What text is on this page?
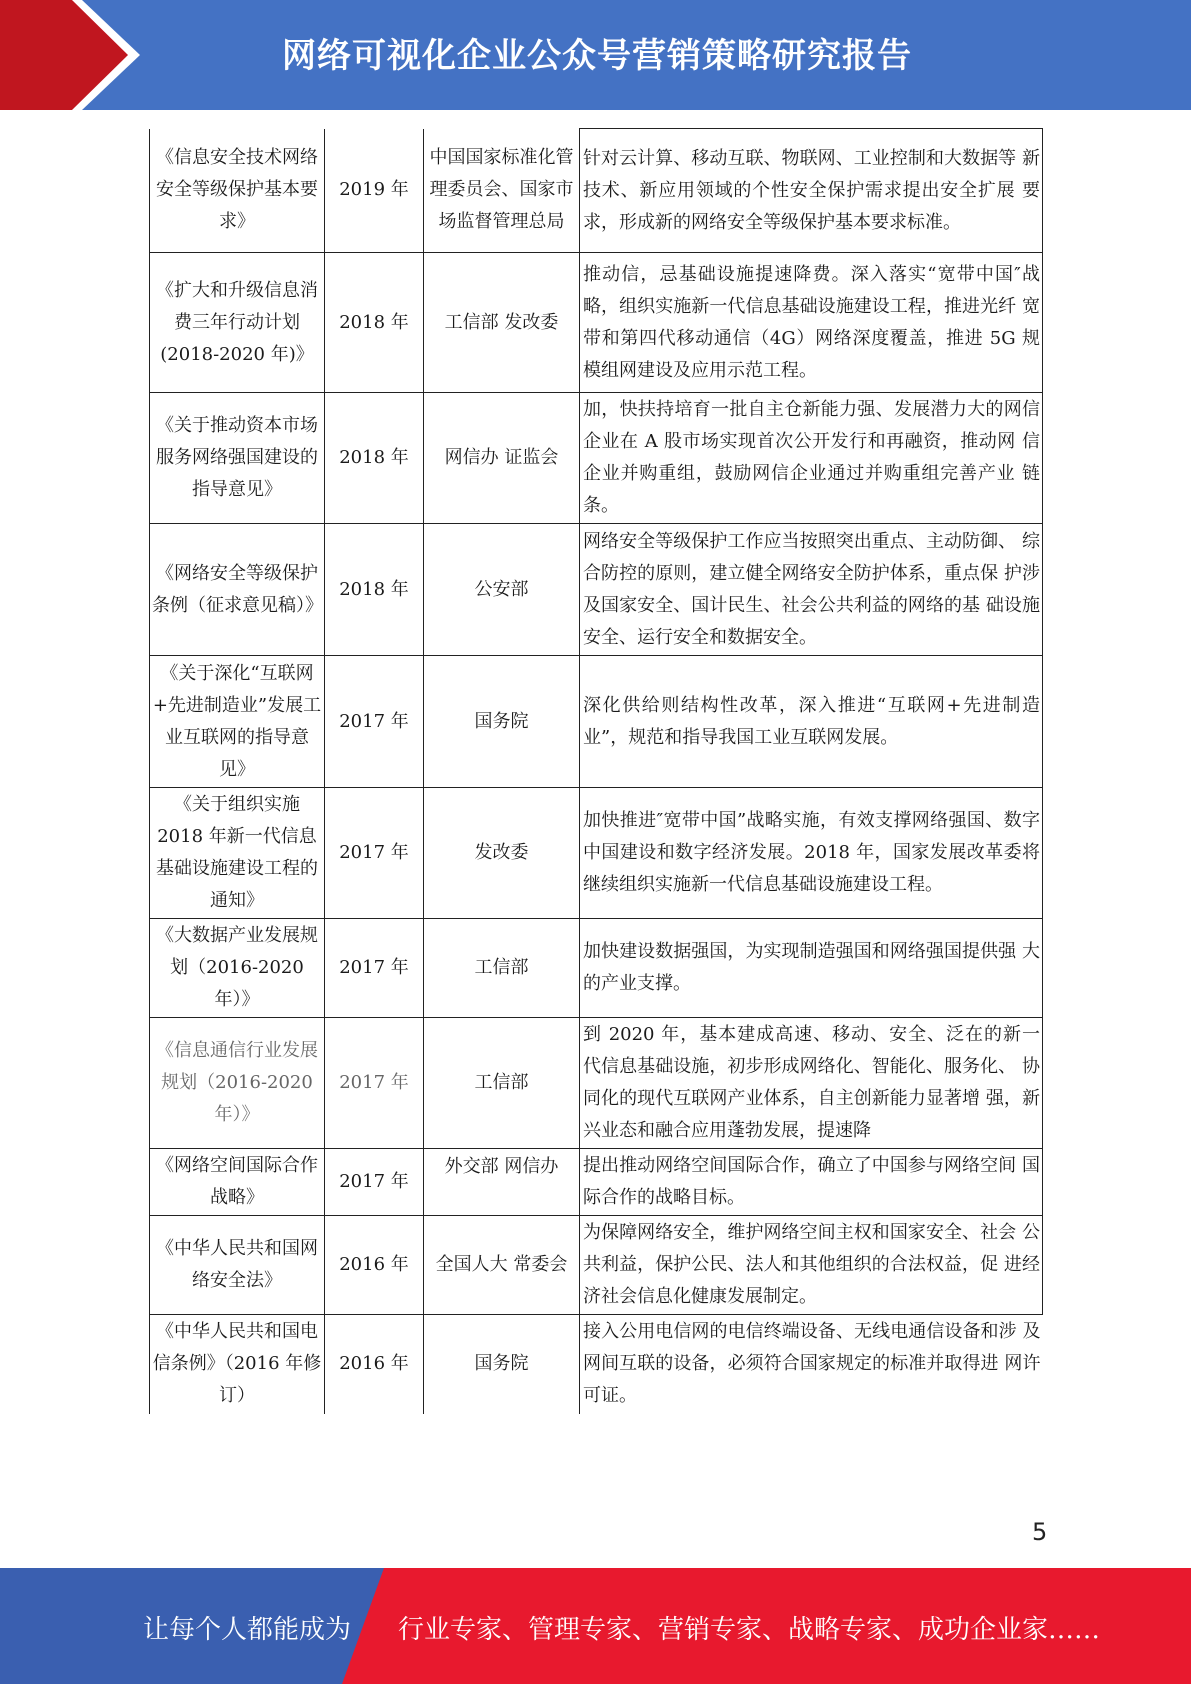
网络可视化企业公众号营销策略研究报告
《信息安全技术网络安全等级保护基本要求》	2019 年	中国国家标准化管理委员会、国家市场监督管理总局	针对云计算、移动互联、物联网、工业控制和大数据等 新技术、新应用领域的个性安全保护需求提出安全扩展 要求，形成新的网络安全等级保护基本要求标准。
《扩大和升级信息消费三年行动计划(2018-2020 年)》	2018 年	工信部 发改委	推动信，忌基础设施提速降费。深入落实“宽带中国″战 略，组织实施新一代信息基础设施建设工程，推进光纤 宽带和第四代移动通信（4G）网络深度覆盖，推进 5G 规模组网建设及应用示范工程。
《关于推动资本市场服务网络强国建设的指导意见》	2018 年	网信办 证监会	加，快扶持培育一批自主仓新能力强、发展潜力大的网信 企业在 A 股市场实现首次公开发行和再融资，推动网 信企业并购重组，鼓励网信企业通过并购重组完善产业 链条。
《网络安全等级保护条例（征求意见稿）》	2018 年	公安部	网络安全等级保护工作应当按照突出重点、主动防御、 综合防控的原则，建立健全网络安全防护体系，重点保 护涉及国家安全、国计民生、社会公共利益的网络的基 础设施安全、运行安全和数据安全。
《关于深化“互联网+先进制造业”发展工业互联网的指导意见》	2017 年	国务院	深化供给则结构性改革，深入推进“互联网+先进制造 业”，规范和指导我国工业互联网发展。
《关于组织实施 2018 年新一代信息基础设施建设工程的通知》	2017 年	发改委	加快推进″宽带中国”战略实施，有效支撑网络强国、数字中国建设和数字经济发展。2018 年，国家发展改革委将继续组织实施新一代信息基础设施建设工程。
《大数据产业发展规划（2016-2020 年）》	2017 年	工信部	加快建设数据强国，为实现制造强国和网络强国提供强 大的产业支撑。
《信息通信行业发展规划（2016-2020 年）》	2017 年	工信部	到 2020 年，基本建成高速、移动、安全、泛在的新一 代信息基础设施，初步形成网络化、智能化、服务化、 协同化的现代互联网产业体系，自主创新能力显著增 强，新兴业态和融合应用蓬勃发展，提速降
《网络空间国际合作战略》	2017 年	外交部 网信办	提出推动网络空间国际合作，确立了中国参与网络空间 国际合作的战略目标。
《中华人民共和国网络安全法》	2016 年	全国人大 常委会	为保障网络安全，维护网络空间主权和国家安全、社会 公共利益，保护公民、法人和其他组织的合法权益，促 进经济社会信息化健康发展制定。
《中华人民共和国电信条例》（2016 年修订）	2016 年	国务院	接入公用电信网的电信终端设备、无线电通信设备和涉 及网间互联的设备，必须符合国家规定的标准并取得进 网许可证。
5
让每个人都能成为 行业专家、管理专家、营销专家、战略专家、成功企业家……
